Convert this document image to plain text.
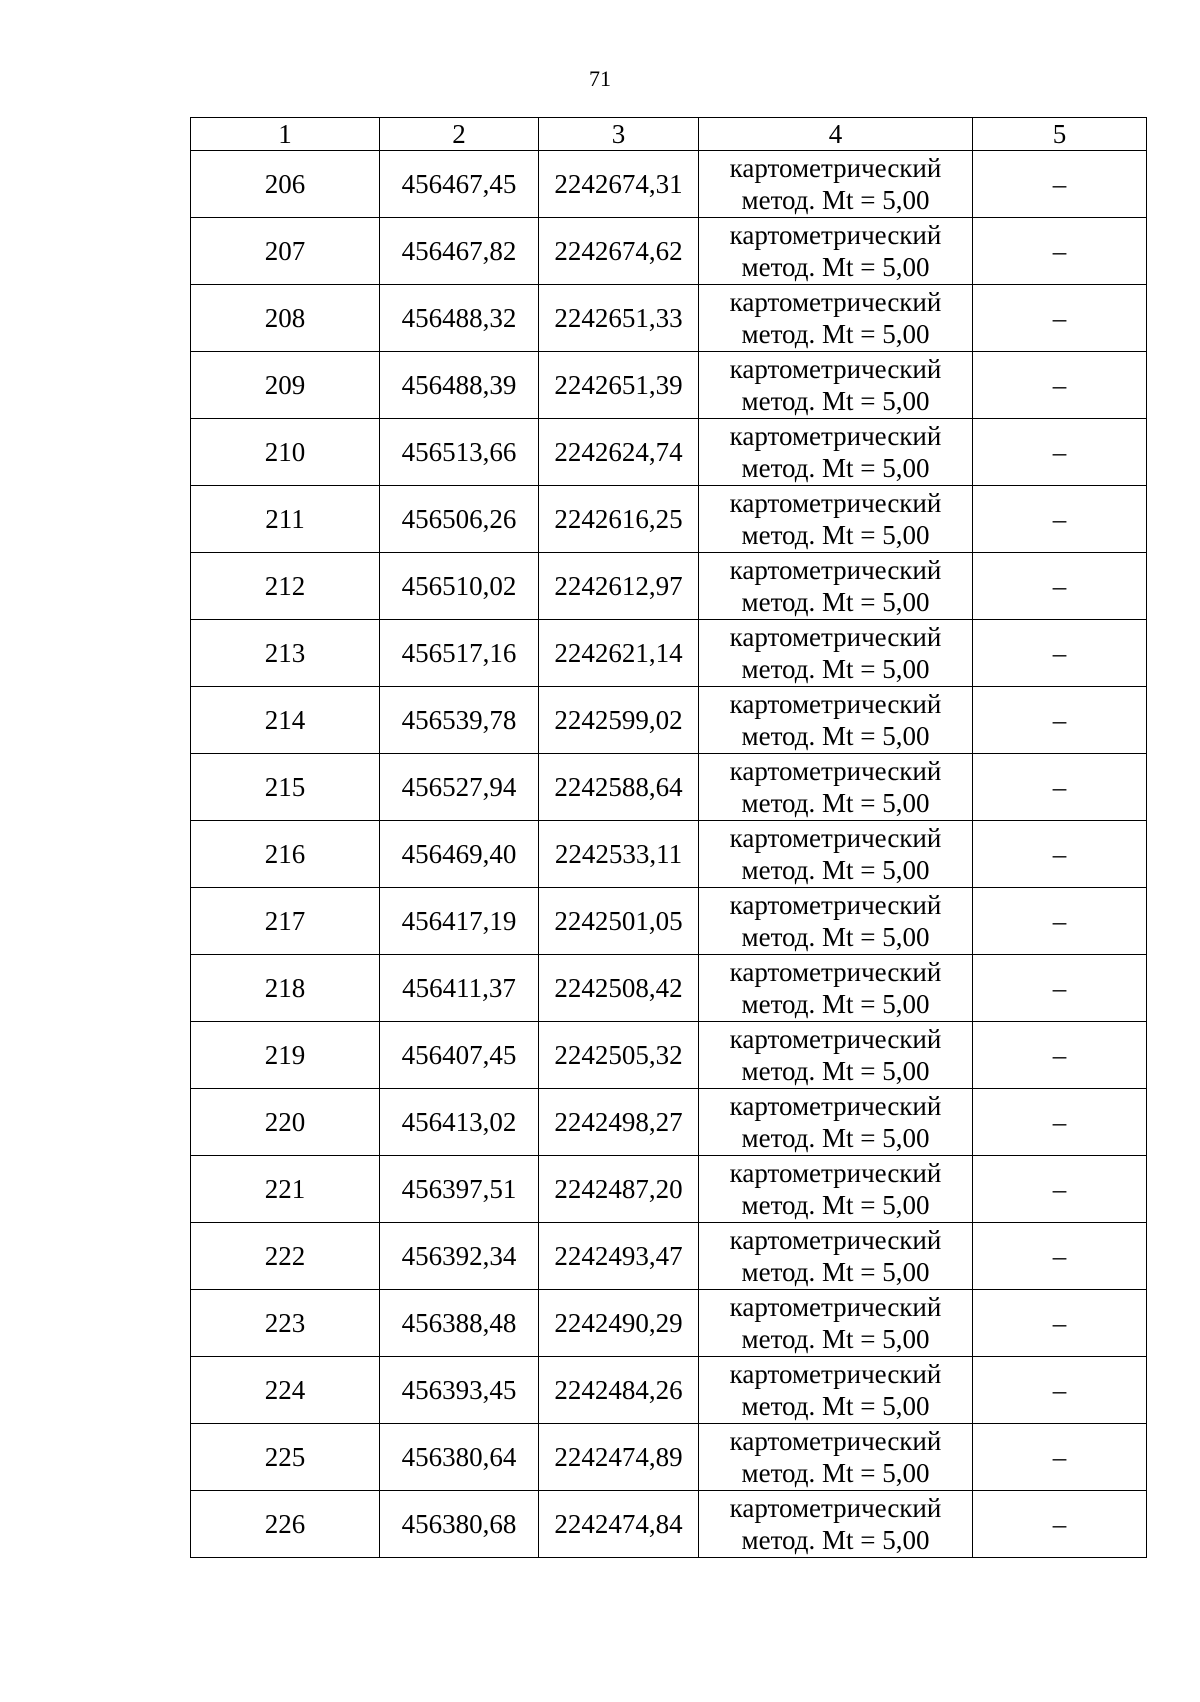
71
1	2	3	4	5
206	456467,45	2242674,31	картометрический
метод. Mt = 5,00	–
207	456467,82	2242674,62	картометрический
метод. Mt = 5,00	–
208	456488,32	2242651,33	картометрический
метод. Mt = 5,00	–
209	456488,39	2242651,39	картометрический
метод. Mt = 5,00	–
210	456513,66	2242624,74	картометрический
метод. Mt = 5,00	–
211	456506,26	2242616,25	картометрический
метод. Mt = 5,00	–
212	456510,02	2242612,97	картометрический
метод. Mt = 5,00	–
213	456517,16	2242621,14	картометрический
метод. Mt = 5,00	–
214	456539,78	2242599,02	картометрический
метод. Mt = 5,00	–
215	456527,94	2242588,64	картометрический
метод. Mt = 5,00	–
216	456469,40	2242533,11	картометрический
метод. Mt = 5,00	–
217	456417,19	2242501,05	картометрический
метод. Mt = 5,00	–
218	456411,37	2242508,42	картометрический
метод. Mt = 5,00	–
219	456407,45	2242505,32	картометрический
метод. Mt = 5,00	–
220	456413,02	2242498,27	картометрический
метод. Mt = 5,00	–
221	456397,51	2242487,20	картометрический
метод. Mt = 5,00	–
222	456392,34	2242493,47	картометрический
метод. Mt = 5,00	–
223	456388,48	2242490,29	картометрический
метод. Mt = 5,00	–
224	456393,45	2242484,26	картометрический
метод. Mt = 5,00	–
225	456380,64	2242474,89	картометрический
метод. Mt = 5,00	–
226	456380,68	2242474,84	картометрический
метод. Mt = 5,00	–
